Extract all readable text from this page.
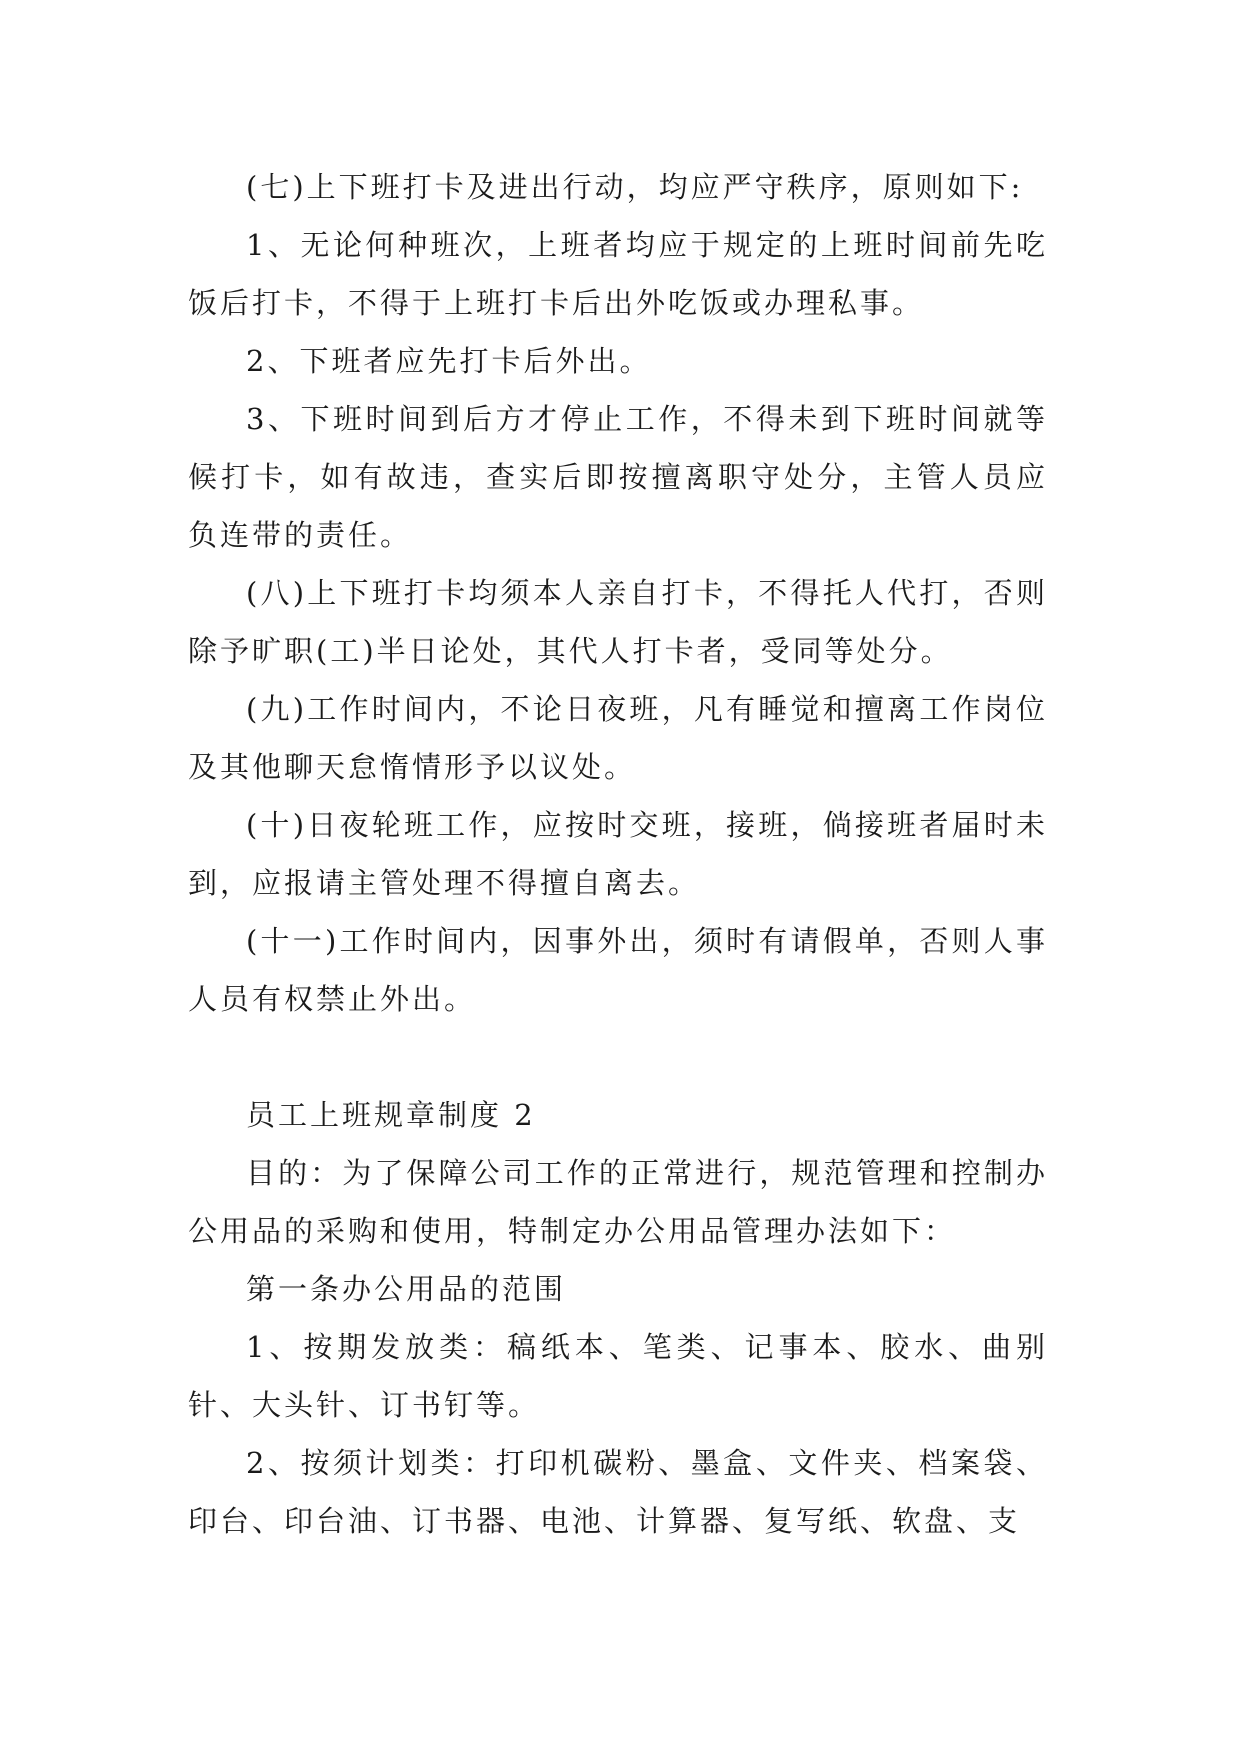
(七)上下班打卡及进出行动，均应严守秩序，原则如下:

1、无论何种班次，上班者均应于规定的上班时间前先吃饭后打卡，不得于上班打卡后出外吃饭或办理私事。

2、下班者应先打卡后外出。

3、下班时间到后方才停止工作，不得未到下班时间就等候打卡，如有故违，查实后即按擅离职守处分，主管人员应负连带的责任。

(八)上下班打卡均须本人亲自打卡，不得托人代打，否则除予旷职(工)半日论处，其代人打卡者，受同等处分。

(九)工作时间内，不论日夜班，凡有睡觉和擅离工作岗位及其他聊天怠惰情形予以议处。

(十)日夜轮班工作，应按时交班，接班，倘接班者届时未到，应报请主管处理不得擅自离去。

(十一)工作时间内，因事外出，须时有请假单，否则人事人员有权禁止外出。

员工上班规章制度 2

目的：为了保障公司工作的正常进行，规范管理和控制办公用品的采购和使用，特制定办公用品管理办法如下：

第一条办公用品的范围

1、按期发放类：稿纸本、笔类、记事本、胶水、曲别针、大头针、订书钉等。

2、按须计划类：打印机碳粉、墨盒、文件夹、档案袋、印台、印台油、订书器、电池、计算器、复写纸、软盘、支
